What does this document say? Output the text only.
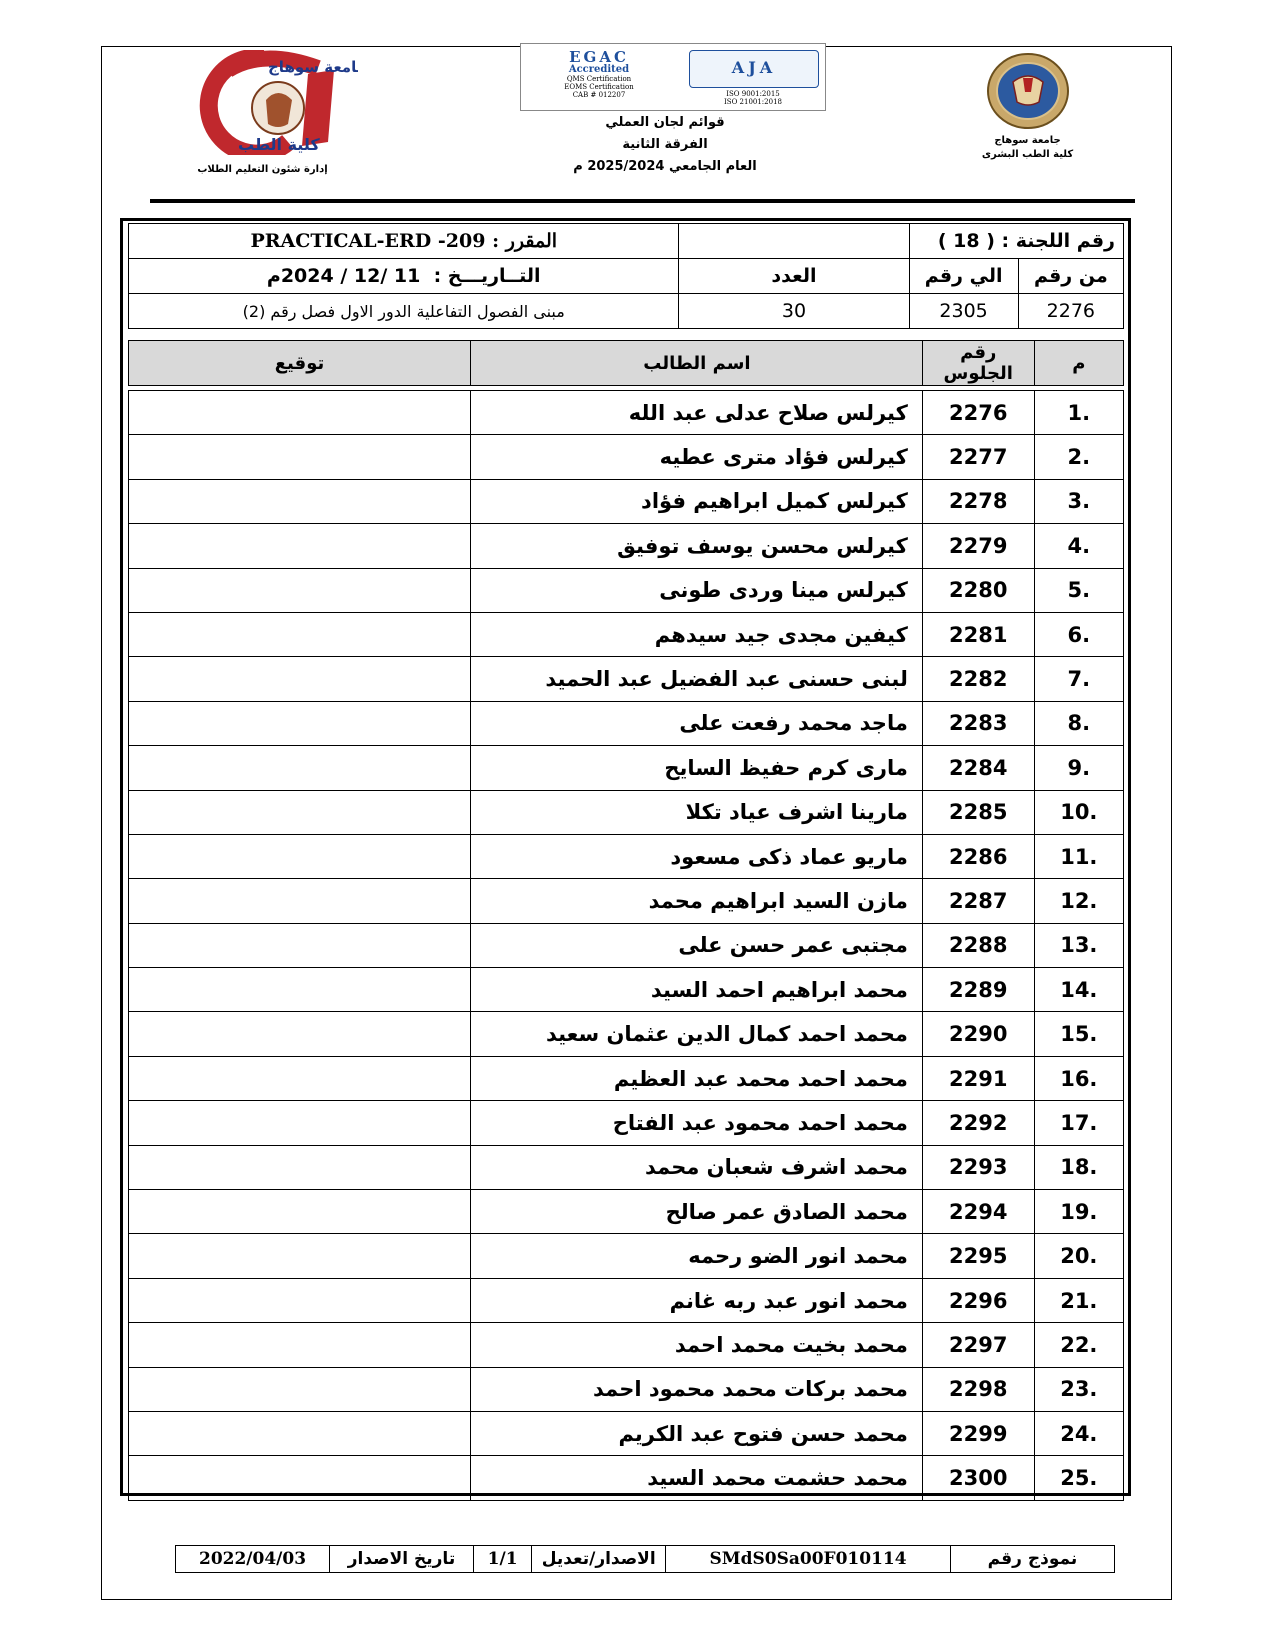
جامعة سوهاج
كلية الطب البشرى
جامعة سوهاج
كلية الطب
إدارة شئون التعليم الطلاب
EGAC
Accredited
QMS Certification
EOMS Certification
CAB # 012207
AJA
ISO 9001:2015
ISO 21001:2018
قوائم لجان العملي
الفرقة الثانية
العام الجامعي 2025/2024 م
رقم اللجنة : ( 18 )			المقرر : 209- PRACTICAL-ERD
من رقم	الي رقم	العدد	التــاريـــخ :  11 /12 / 2024م
2276	2305	30	مبنى الفصول التفاعلية الدور الاول فصل رقم (2)
م	رقم الجلوس	اسم الطالب	توقيع

1.	2276	كيرلس صلاح عدلى عبد الله	
2.	2277	كيرلس فؤاد مترى عطيه	
3.	2278	كيرلس كميل ابراهيم فؤاد	
4.	2279	كيرلس محسن يوسف توفيق	
5.	2280	كيرلس مينا وردى طونى	
6.	2281	كيفين مجدى جيد سيدهم	
7.	2282	لبنى حسنى عبد الفضيل عبد الحميد	
8.	2283	ماجد محمد رفعت على	
9.	2284	مارى كرم حفيظ السايح	
10.	2285	مارينا اشرف عياد تكلا	
11.	2286	ماريو عماد ذكى مسعود	
12.	2287	مازن السيد ابراهيم محمد	
13.	2288	مجتبى عمر حسن على	
14.	2289	محمد ابراهيم احمد السيد	
15.	2290	محمد احمد كمال الدين عثمان سعيد	
16.	2291	محمد احمد محمد عبد العظيم	
17.	2292	محمد احمد محمود عبد الفتاح	
18.	2293	محمد اشرف شعبان محمد	
19.	2294	محمد الصادق عمر صالح	
20.	2295	محمد انور الضو رحمه	
21.	2296	محمد انور عبد ربه غانم	
22.	2297	محمد بخيت محمد احمد	
23.	2298	محمد بركات محمد محمود احمد	
24.	2299	محمد حسن فتوح عبد الكريم	
25.	2300	محمد حشمت محمد السيد	
نموذج رقم	SMdS0Sa00F010114	الاصدار/تعديل	1/1	تاريخ الاصدار	2022/04/03
